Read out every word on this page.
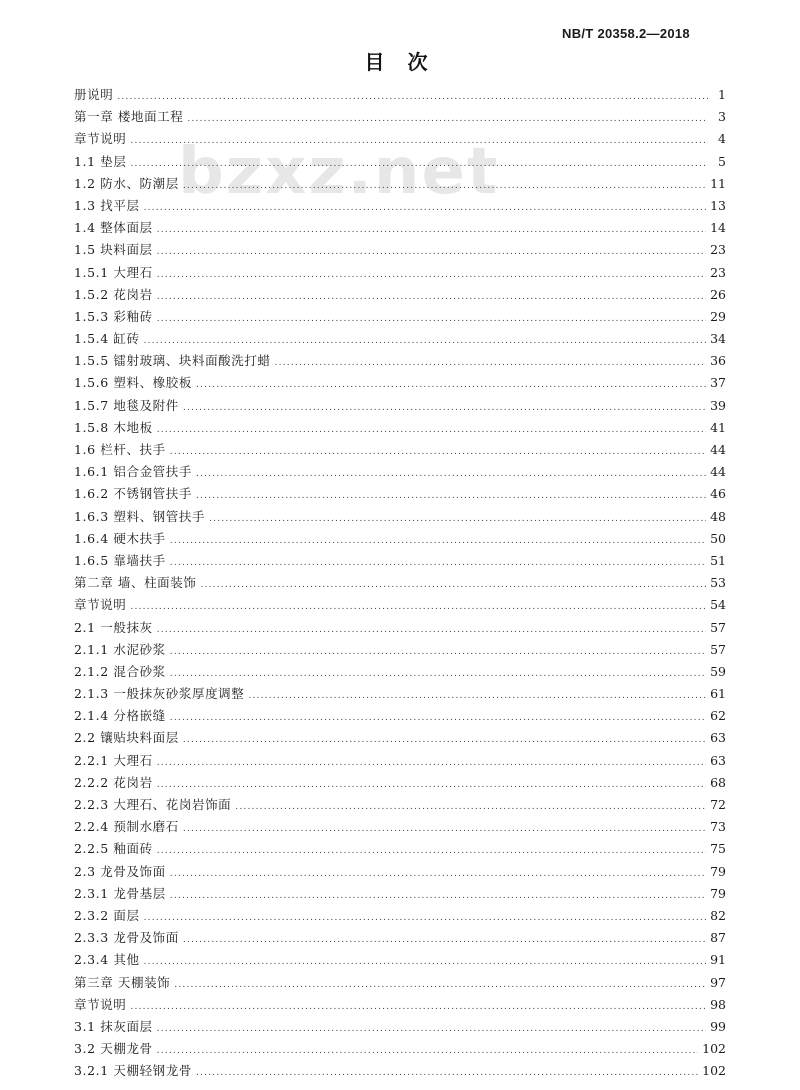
NB/T 20358.2—2018
目 次
bzxz.net
册说明 .....	1
第一章 楼地面工程 .....	3
章节说明 .....	4
1.1 垫层 .....	5
1.2 防水、防潮层 .....	11
1.3 找平层 .....	13
1.4 整体面层 .....	14
1.5 块料面层 .....	23
1.5.1 大理石 .....	23
1.5.2 花岗岩 .....	26
1.5.3 彩釉砖 .....	29
1.5.4 缸砖 .....	34
1.5.5 镭射玻璃、块料面酸洗打蜡 .....	36
1.5.6 塑料、橡胶板 .....	37
1.5.7 地毯及附件 .....	39
1.5.8 木地板 .....	41
1.6 栏杆、扶手 .....	44
1.6.1 铝合金管扶手 .....	44
1.6.2 不锈钢管扶手 .....	46
1.6.3 塑料、钢管扶手 .....	48
1.6.4 硬木扶手 .....	50
1.6.5 靠墙扶手 .....	51
第二章 墙、柱面装饰 .....	53
章节说明 .....	54
2.1 一般抹灰 .....	57
2.1.1 水泥砂浆 .....	57
2.1.2 混合砂浆 .....	59
2.1.3 一般抹灰砂浆厚度调整 .....	61
2.1.4 分格嵌缝 .....	62
2.2 镶贴块料面层 .....	63
2.2.1 大理石 .....	63
2.2.2 花岗岩 .....	68
2.2.3 大理石、花岗岩饰面 .....	72
2.2.4 预制水磨石 .....	73
2.2.5 釉面砖 .....	75
2.3 龙骨及饰面 .....	79
2.3.1 龙骨基层 .....	79
2.3.2 面层 .....	82
2.3.3 龙骨及饰面 .....	87
2.3.4 其他 .....	91
第三章 天棚装饰 .....	97
章节说明 .....	98
3.1 抹灰面层 .....	99
3.2 天棚龙骨 .....	102
3.2.1 天棚轻钢龙骨 .....	102
